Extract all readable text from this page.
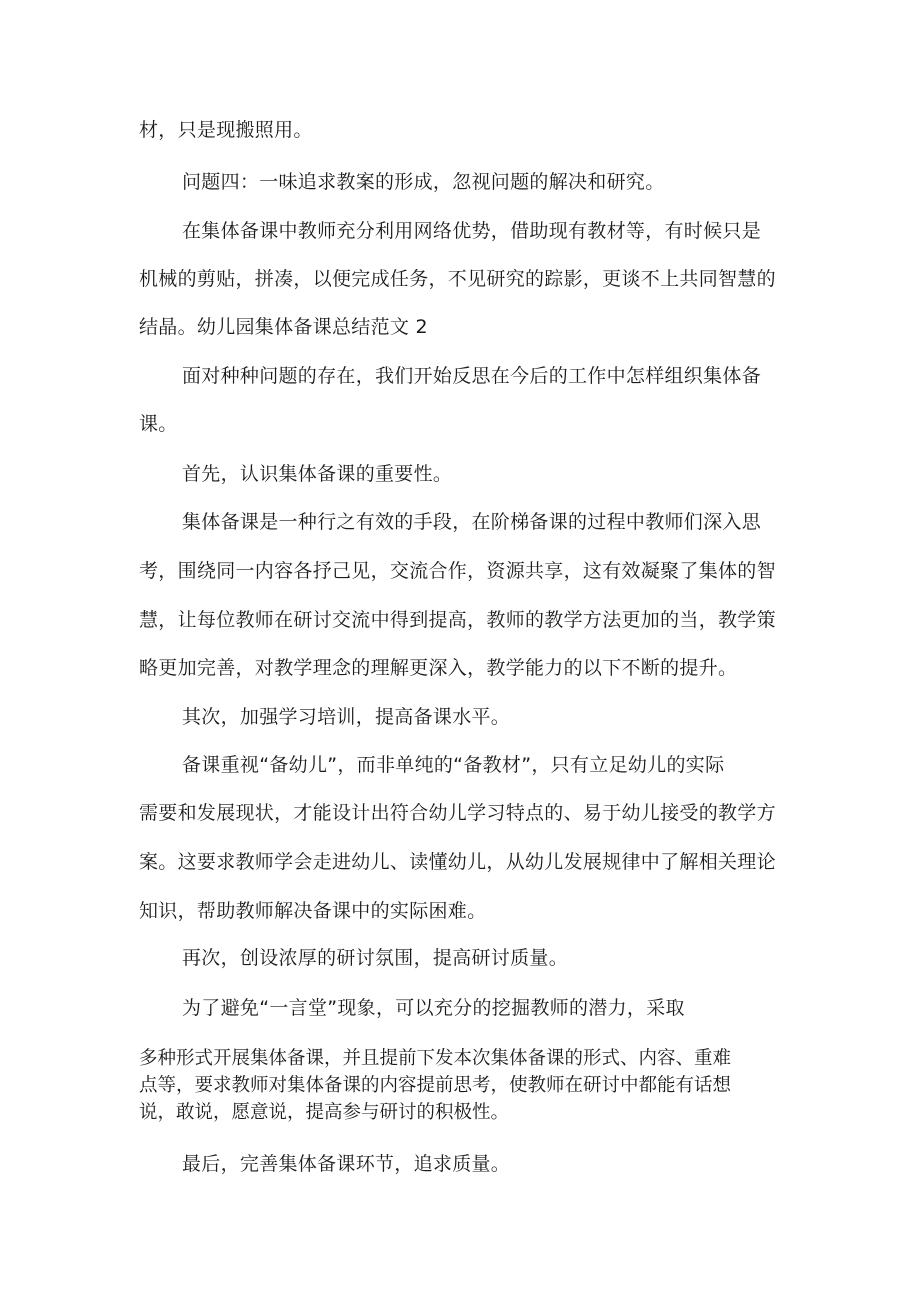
材，只是现搬照用。
问题四：一味追求教案的形成，忽视问题的解决和研究。
在集体备课中教师充分利用网络优势，借助现有教材等，有时候只是
机械的剪贴，拼凑，以便完成任务，不见研究的踪影，更谈不上共同智慧的
结晶。幼儿园集体备课总结范文 2
面对种种问题的存在，我们开始反思在今后的工作中怎样组织集体备
课。
首先，认识集体备课的重要性。
集体备课是一种行之有效的手段，在阶梯备课的过程中教师们深入思
考，围绕同一内容各抒己见，交流合作，资源共享，这有效凝聚了集体的智
慧，让每位教师在研讨交流中得到提高，教师的教学方法更加的当，教学策
略更加完善，对教学理念的理解更深入，教学能力的以下不断的提升。
其次，加强学习培训，提高备课水平。
备课重视“备幼儿”，而非单纯的“备教材”，只有立足幼儿的实际
需要和发展现状，才能设计出符合幼儿学习特点的、易于幼儿接受的教学方
案。这要求教师学会走进幼儿、读懂幼儿，从幼儿发展规律中了解相关理论
知识，帮助教师解决备课中的实际困难。
再次，创设浓厚的研讨氛围，提高研讨质量。
为了避免“一言堂”现象，可以充分的挖掘教师的潜力，采取
多种形式开展集体备课，并且提前下发本次集体备课的形式、内容、重难
点等，要求教师对集体备课的内容提前思考，使教师在研讨中都能有话想
说，敢说，愿意说，提高参与研讨的积极性。
最后，完善集体备课环节，追求质量。
